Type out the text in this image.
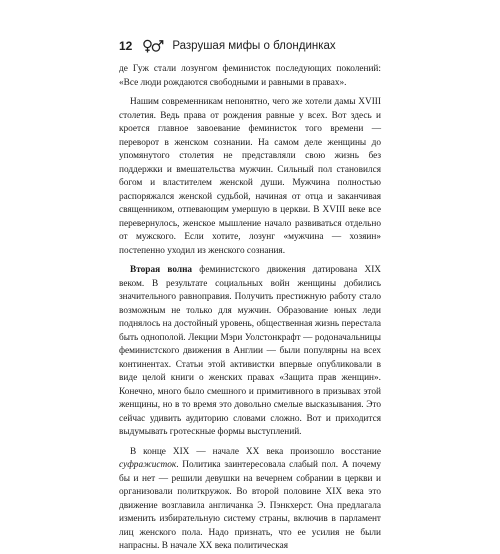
12	Разрушая мифы о блондинках

де Гуж стали лозунгом феминисток последующих поколений: «Все люди рождаются свободными и равными в правах».

Нашим современникам непонятно, чего же хотели дамы XVIII столетия. Ведь права от рождения равные у всех. Вот здесь и кроется главное завоевание феминисток того времени — переворот в женском сознании. На самом деле женщины до упомянутого столетия не представляли свою жизнь без поддержки и вмешательства мужчин. Сильный пол становился богом и властителем женской души. Мужчина полностью распоряжался женской судьбой, начиная от отца и заканчивая священником, отпевающим умершую в церкви. В XVIII веке все перевернулось, женское мышление начало развиваться отдельно от мужского. Если хотите, лозунг «мужчина — хозяин» постепенно уходил из женского сознания.

Вторая волна феминистского движения датирована XIX веком. В результате социальных войн женщины добились значительного равноправия. Получить престижную работу стало возможным не только для мужчин. Образование юных леди поднялось на достойный уровень, общественная жизнь перестала быть однополой. Лекции Мэри Уолстонкрафт — родоначальницы феминистского движения в Англии — были популярны на всех континентах. Статьи этой активистки впервые опубликовали в виде целой книги о женских правах «Защита прав женщин». Конечно, много было смешного и примитивного в призывах этой женщины, но в то время это довольно смелые высказывания. Это сейчас удивить аудиторию словами сложно. Вот и приходится выдумывать гротескные формы выступлений.

В конце XIX — начале XX века произошло восстание суфражисток. Политика заинтересовала слабый пол. А почему бы и нет — решили девушки на вечернем собрании в церкви и организовали политкружок. Во второй половине XIX века это движение возглавила англичанка Э. Пэнкхерст. Она предлагала изменить избирательную систему страны, включив в парламент лиц женского пола. Надо признать, что ее усилия не были напрасны. В начале XX века политическая
